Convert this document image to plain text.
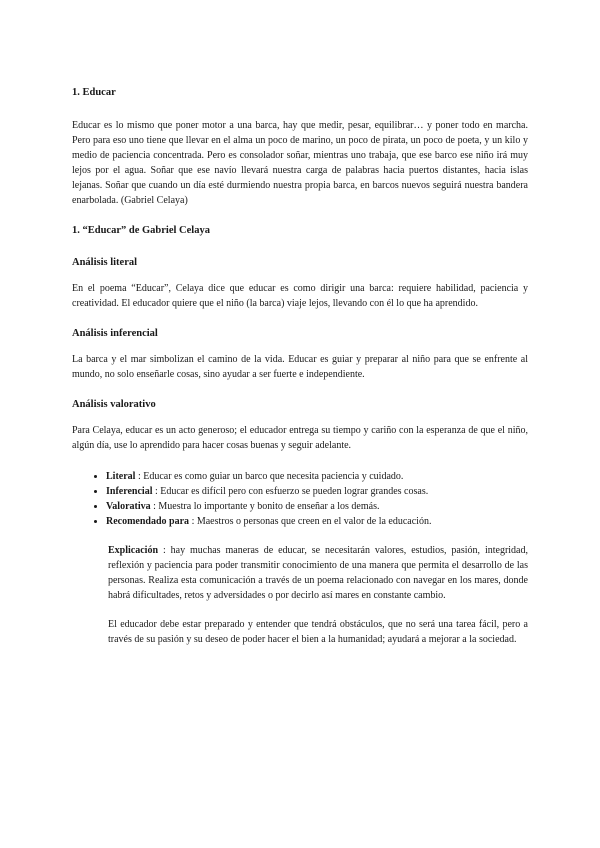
1. Educar

Educar es lo mismo que poner motor a una barca, hay que medir, pesar, equilibrar… y poner todo en marcha. Pero para eso uno tiene que llevar en el alma un poco de marino, un poco de pirata, un poco de poeta, y un kilo y medio de paciencia concentrada. Pero es consolador soñar, mientras uno trabaja, que ese barco ese niño irá muy lejos por el agua. Soñar que ese navío llevará nuestra carga de palabras hacia puertos distantes, hacia islas lejanas. Soñar que cuando un día esté durmiendo nuestra propia barca, en barcos nuevos seguirá nuestra bandera enarbolada. (Gabriel Celaya)

1. “Educar” de Gabriel Celaya
Análisis literal

En el poema “Educar”, Celaya dice que educar es como dirigir una barca: requiere habilidad, paciencia y creatividad. El educador quiere que el niño (la barca) viaje lejos, llevando con él lo que ha aprendido.

Análisis inferencial

La barca y el mar simbolizan el camino de la vida. Educar es guiar y preparar al niño para que se enfrente al mundo, no solo enseñarle cosas, sino ayudar a ser fuerte e independiente.

Análisis valorativo

Para Celaya, educar es un acto generoso; el educador entrega su tiempo y cariño con la esperanza de que el niño, algún día, use lo aprendido para hacer cosas buenas y seguir adelante.

• Literal : Educar es como guiar un barco que necesita paciencia y cuidado.
• Inferencial : Educar es difícil pero con esfuerzo se pueden lograr grandes cosas.
• Valorativa : Muestra lo importante y bonito de enseñar a los demás.
• Recomendado para : Maestros o personas que creen en el valor de la educación.

Explicación : hay muchas maneras de educar, se necesitarán valores, estudios, pasión, integridad, reflexión y paciencia para poder transmitir conocimiento de una manera que permita el desarrollo de las personas. Realiza esta comunicación a través de un poema relacionado con navegar en los mares, donde habrá dificultades, retos y adversidades o por decirlo así mares en constante cambio.

El educador debe estar preparado y entender que tendrá obstáculos, que no será una tarea fácil, pero a través de su pasión y su deseo de poder hacer el bien a la humanidad; ayudará a mejorar a la sociedad.
